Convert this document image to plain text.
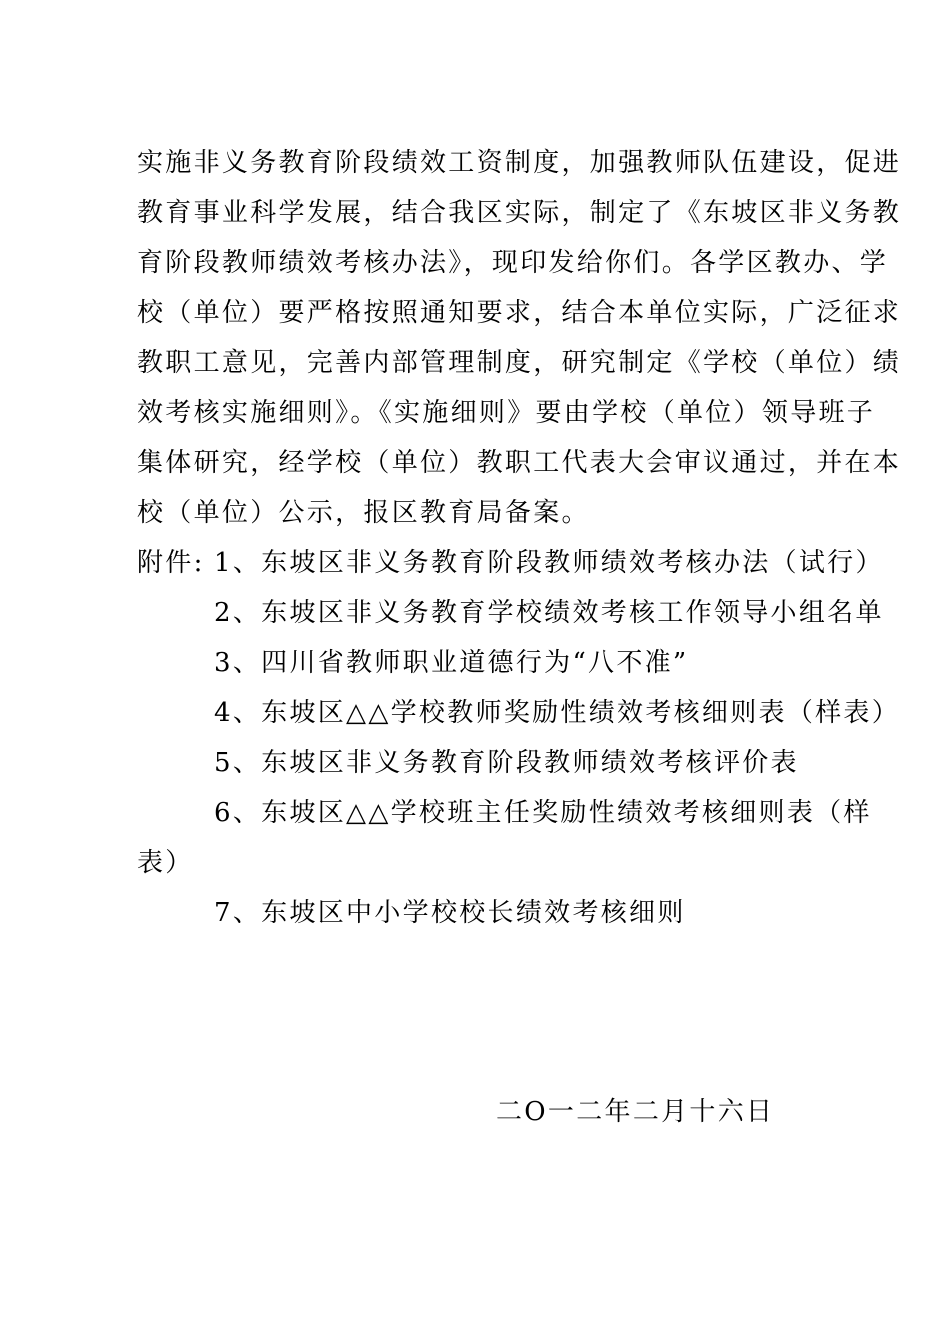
实施非义务教育阶段绩效工资制度，加强教师队伍建设，促进
教育事业科学发展，结合我区实际，制定了《东坡区非义务教
育阶段教师绩效考核办法》，现印发给你们。各学区教办、学
校（单位）要严格按照通知要求，结合本单位实际，广泛征求
教职工意见，完善内部管理制度，研究制定《学校（单位）绩
效考核实施细则》。《实施细则》要由学校（单位）领导班子
集体研究，经学校（单位）教职工代表大会审议通过，并在本
校（单位）公示，报区教育局备案。
附件: 1、东坡区非义务教育阶段教师绩效考核办法（试行）
2、东坡区非义务教育学校绩效考核工作领导小组名单
3、四川省教师职业道德行为“八不准”
4、东坡区△△学校教师奖励性绩效考核细则表（样表）
5、东坡区非义务教育阶段教师绩效考核评价表
6、东坡区△△学校班主任奖励性绩效考核细则表（样
表）
7、东坡区中小学校校长绩效考核细则
二O一二年二月十六日
